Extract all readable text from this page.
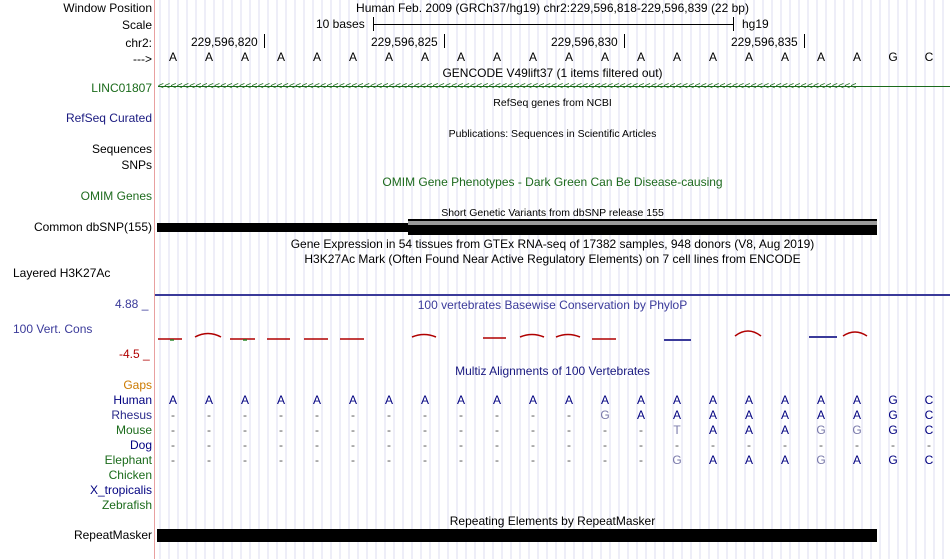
Window Position	Human Feb. 2009 (GRCh37/hg19) chr2:229,596,818-229,596,839 (22 bp)
Scale	10 bases	hg19
chr2:	229,596,820	229,596,825	229,596,830	229,596,835
---> A A A A A A A A A A A A A A A A A A A A G C
GENCODE V49lift37 (1 items filtered out)
LINC01807 <<<<<<<<<<<<<<<<<<<<<<<<<<<<<<<<<<<<<<<<<<<<<<<<<<<<<<<<<<<<<<<<<<<<<<<<<<<<<<<<<<<<<<<<<<<<<<<<<<<<<<<<<<<<<<<<
RefSeq genes from NCBI
RefSeq Curated
Publications: Sequences in Scientific Articles
Sequences
SNPs
OMIM Gene Phenotypes - Dark Green Can Be Disease-causing
OMIM Genes
Short Genetic Variants from dbSNP release 155
Common dbSNP(155)
Gene Expression in 54 tissues from GTEx RNA-seq of 17382 samples, 948 donors (V8, Aug 2019)
H3K27Ac Mark (Often Found Near Active Regulatory Elements) on 7 cell lines from ENCODE
Layered H3K27Ac
100 vertebrates Basewise Conservation by PhyloP
4.88 _
100 Vert. Cons
-4.5 _
Multiz Alignments of 100 Vertebrates
Gaps
Human A A A A A A A A A A A A A A A A A A A A G C
Rhesus	-	-	-	-	-	-	-	-	-	-	-	-	G A A A A A A A G C
Mouse	-	-	-	-	-	-	-	-	-	-	-	-	-	-	T A A A G G G C
Dog	-	-	-	-	-	-	-	-	-	-	-	-	-	-	-	-	-	-	-	-	-	-
Elephant	-	-	-	-	-	-	-	-	-	-	-	-	-	-	G A A A G A G C
Chicken
X_tropicalis
Zebrafish
Repeating Elements by RepeatMasker
RepeatMasker
